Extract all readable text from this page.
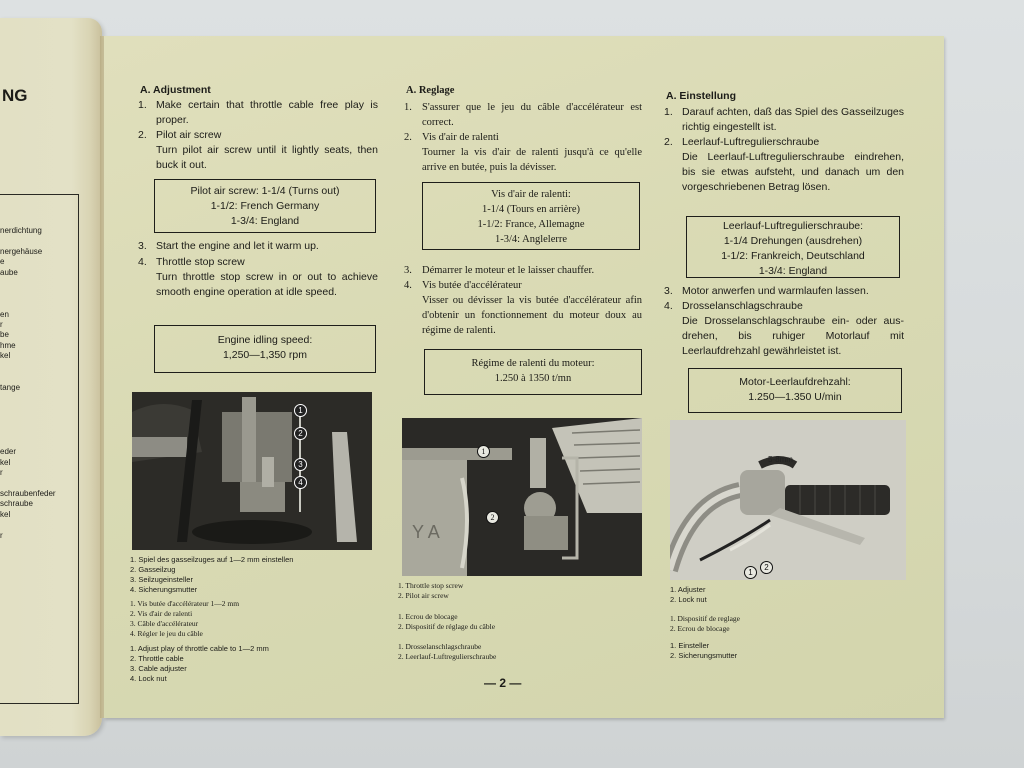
NG
nerdichtung
nergehäuse
e
aube
en
r
be
hme
kel
tange
eder
kel
r
schraubenfeder
schraube
kel
r
A. Adjustment
1. Make certain that throttle cable free play is proper.
2. Pilot air screw
Turn pilot air screw until it lightly seats, then buck it out.
Pilot air screw: 1-1/4 (Turns out)
1-1/2: French Germany
1-3/4: England
3. Start the engine and let it warm up.
4. Throttle stop screw
Turn throttle stop screw in or out to achieve smooth engine operation at idle speed.
Engine idling speed:
1,250—1,350 rpm
1
2
3
4
1. Spiel des gasseilzuges auf 1—2 mm einstellen
2. Gasseilzug
3. Seilzugeinsteller
4. Sicherungsmutter
1. Vis butée d'accélérateur 1—2 mm
2. Vis d'air de ralenti
3. Câble d'accélérateur
4. Régler le jeu du câble
1. Adjust play of throttle cable to 1—2 mm
2. Throttle cable
3. Cable adjuster
4. Lock nut
A. Reglage
1. S'assurer que le jeu du câble d'accélérateur est correct.
2. Vis d'air de ralenti
Tourner la vis d'air de ralenti jusqu'à ce qu'elle arrive en butée, puis la dévisser.
Vis d'air de ralenti:
1-1/4 (Tours en arrière)
1-1/2: France, Allemagne
1-3/4: Anglelerre
3. Démarrer le moteur et le laisser chauffer.
4. Vis butée d'accélérateur
Visser ou dévisser la vis butée d'accélérateur afin d'obtenir un fonctionnement du moteur doux au régime de ralenti.
Régime de ralenti du moteur:
1.250 à 1350 t/mn
Y A
1
2
1. Throttle stop screw
2. Pilot air screw
1. Ecrou de blocage
2. Dispositif de réglage du câble
1. Drosselanschlagschraube
2. Leerlauf-Luftregulierschraube
A. Einstellung
1. Darauf achten, daß das Spiel des Gasseilzuges richtig eingestellt ist.
2. Leerlauf-Luftregulierschraube
Die Leerlauf-Luftregulierschraube eindrehen, bis sie etwas aufsteht, und danach um den vorgeschriebenen Betrag lösen.
Leerlauf-Luftregulierschraube:
1-1/4 Drehungen (ausdrehen)
1-1/2: Frankreich, Deutschland
1-3/4: England
3. Motor anwerfen und warmlaufen lassen.
4. Drosselanschlagschraube
Die Drosselanschlagschraube ein- oder aus-drehen, bis ruhiger Motorlauf mit Leerlaufdrehzahl gewährleistet ist.
Motor-Leerlaufdrehzahl:
1.250—1.350 U/min
5-8mm
1
2
1. Adjuster
2. Lock nut
1. Dispositif de reglage
2. Ecrou de blocage
1. Einsteller
2. Sicherungsmutter
— 2 —
